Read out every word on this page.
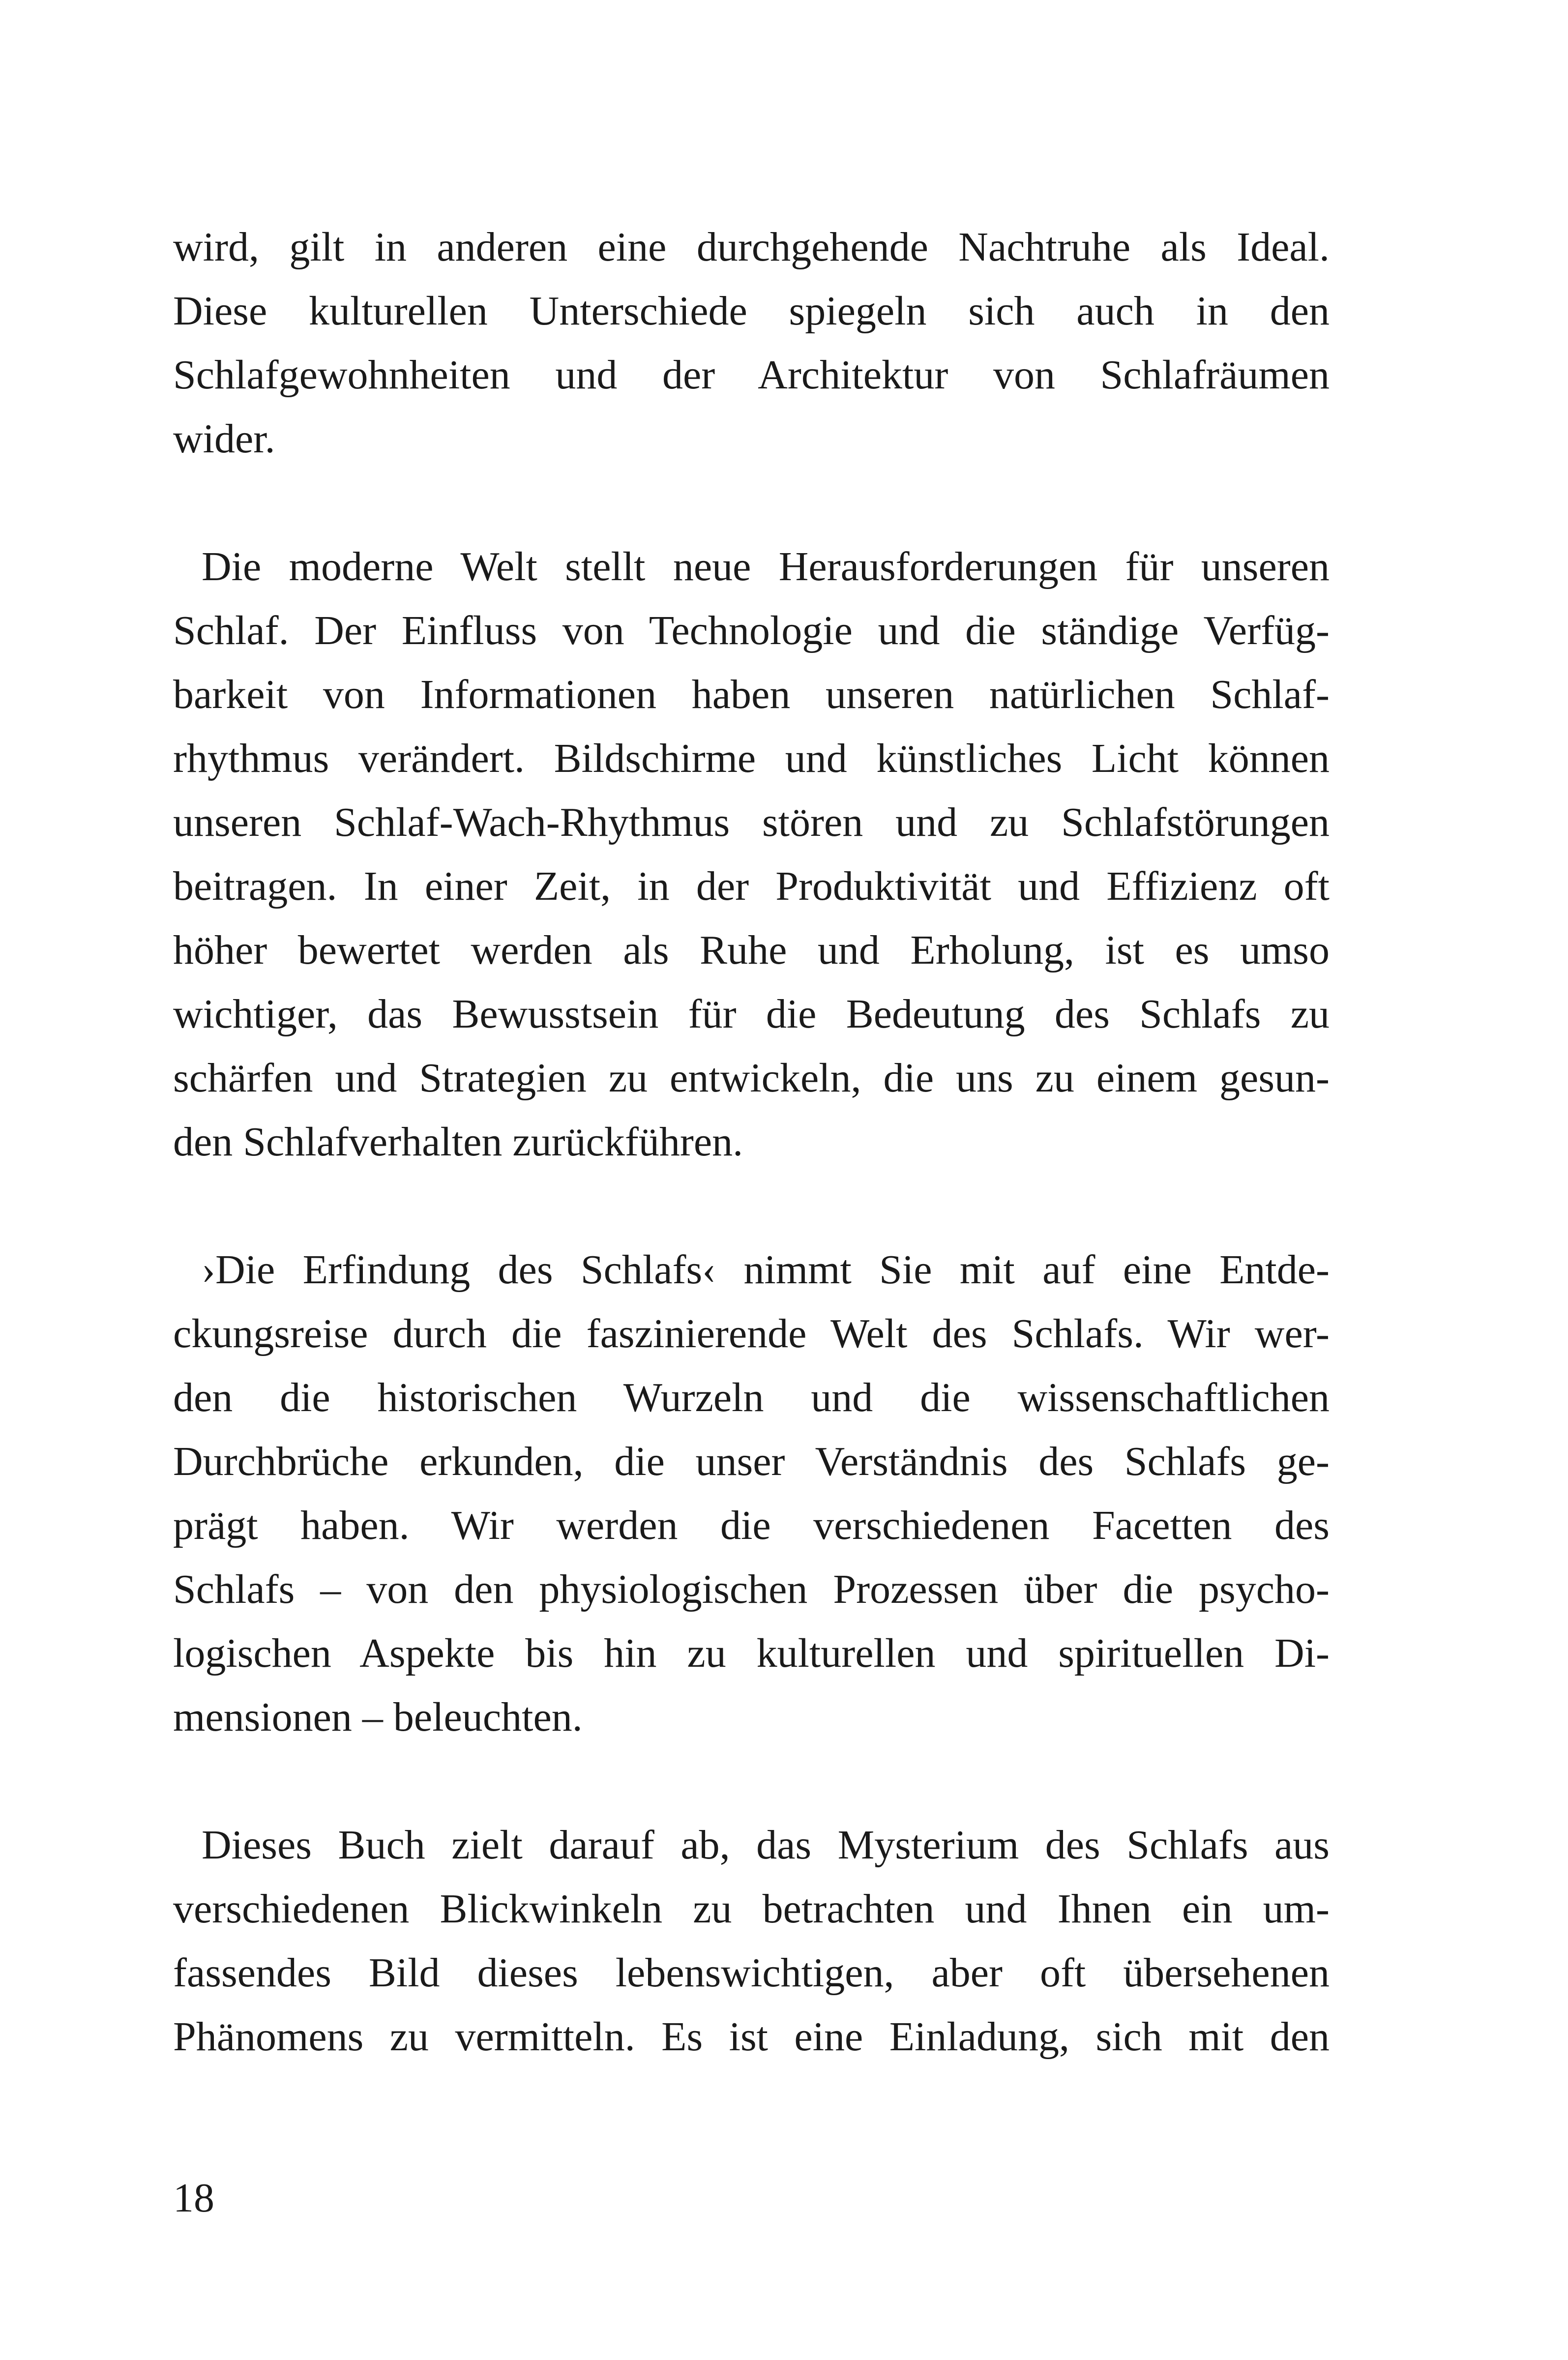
wird, gilt in anderen eine durchgehende Nachtruhe als Ideal.
Diese kulturellen Unterschiede spiegeln sich auch in den
Schlafgewohnheiten und der Architektur von Schlafräumen
wider.
Die moderne Welt stellt neue Herausforderungen für unseren
Schlaf. Der Einfluss von Technologie und die ständige Verfüg-
barkeit von Informationen haben unseren natürlichen Schlaf-
rhythmus verändert. Bildschirme und künstliches Licht können
unseren Schlaf-Wach-Rhythmus stören und zu Schlafstörungen
beitragen. In einer Zeit, in der Produktivität und Effizienz oft
höher bewertet werden als Ruhe und Erholung, ist es umso
wichtiger, das Bewusstsein für die Bedeutung des Schlafs zu
schärfen und Strategien zu entwickeln, die uns zu einem gesun-
den Schlafverhalten zurückführen.
›Die Erfindung des Schlafs‹ nimmt Sie mit auf eine Entde-
ckungsreise durch die faszinierende Welt des Schlafs. Wir wer-
den die historischen Wurzeln und die wissenschaftlichen
Durchbrüche erkunden, die unser Verständnis des Schlafs ge-
prägt haben. Wir werden die verschiedenen Facetten des
Schlafs – von den physiologischen Prozessen über die psycho-
logischen Aspekte bis hin zu kulturellen und spirituellen Di-
mensionen – beleuchten.
Dieses Buch zielt darauf ab, das Mysterium des Schlafs aus
verschiedenen Blickwinkeln zu betrachten und Ihnen ein um-
fassendes Bild dieses lebenswichtigen, aber oft übersehenen
Phänomens zu vermitteln. Es ist eine Einladung, sich mit den
18
